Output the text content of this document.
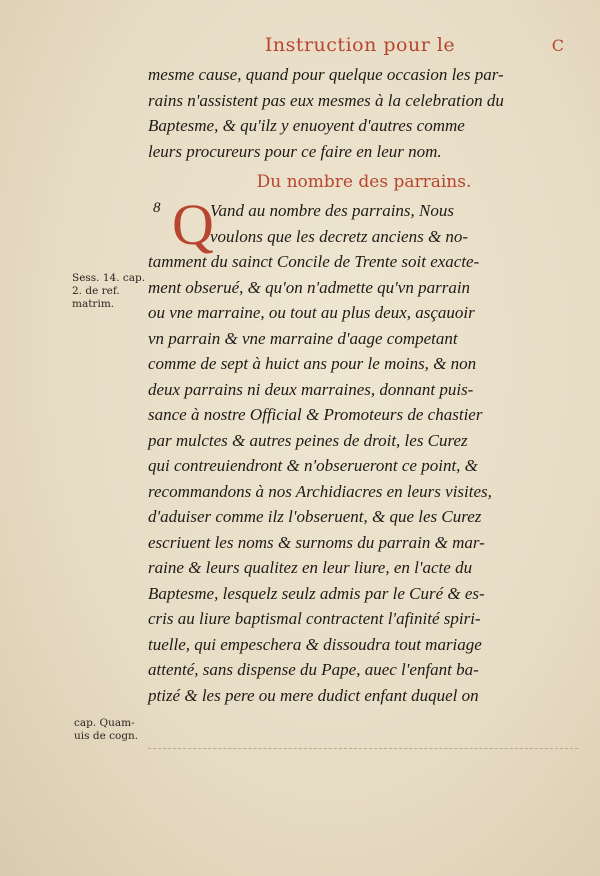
Instruction pour le	C
mesme cause, quand pour quelque occasion les par-
rains n'assistent pas eux mesmes à la celebration du
Baptesme, & qu'ilz y enuoyent d'autres comme
leurs procureurs pour ce faire en leur nom.
Du nombre des parrains.
8 Q
Vand au nombre des parrains, Nous
voulons que les decretz anciens & no-
tamment du sainct Concile de Trente soit exacte-
ment obserué, & qu'on n'admette qu'vn parrain
ou vne marraine, ou tout au plus deux, asçauoir
vn parrain & vne marraine d'aage competant
comme de sept à huict ans pour le moins, & non
deux parrains ni deux marraines, donnant puis-
sance à nostre Official & Promoteurs de chastier
par mulctes & autres peines de droit, les Curez
qui contreuiendront & n'obserueront ce point, &
recommandons à nos Archidiacres en leurs visites,
d'aduiser comme ilz l'obseruent, & que les Curez
escriuent les noms & surnoms du parrain & mar-
raine & leurs qualitez en leur liure, en l'acte du
Baptesme, lesquelz seulz admis par le Curé & es-
cris au liure baptismal contractent l'afinité spiri-
tuelle, qui empeschera & dissoudra tout mariage
attenté, sans dispense du Pape, auec l'enfant ba-
ptizé & les pere ou mere dudict enfant duquel on
Sess. 14. cap.
2. de ref.
matrim.
cap. Quam-
uis de cogn.
